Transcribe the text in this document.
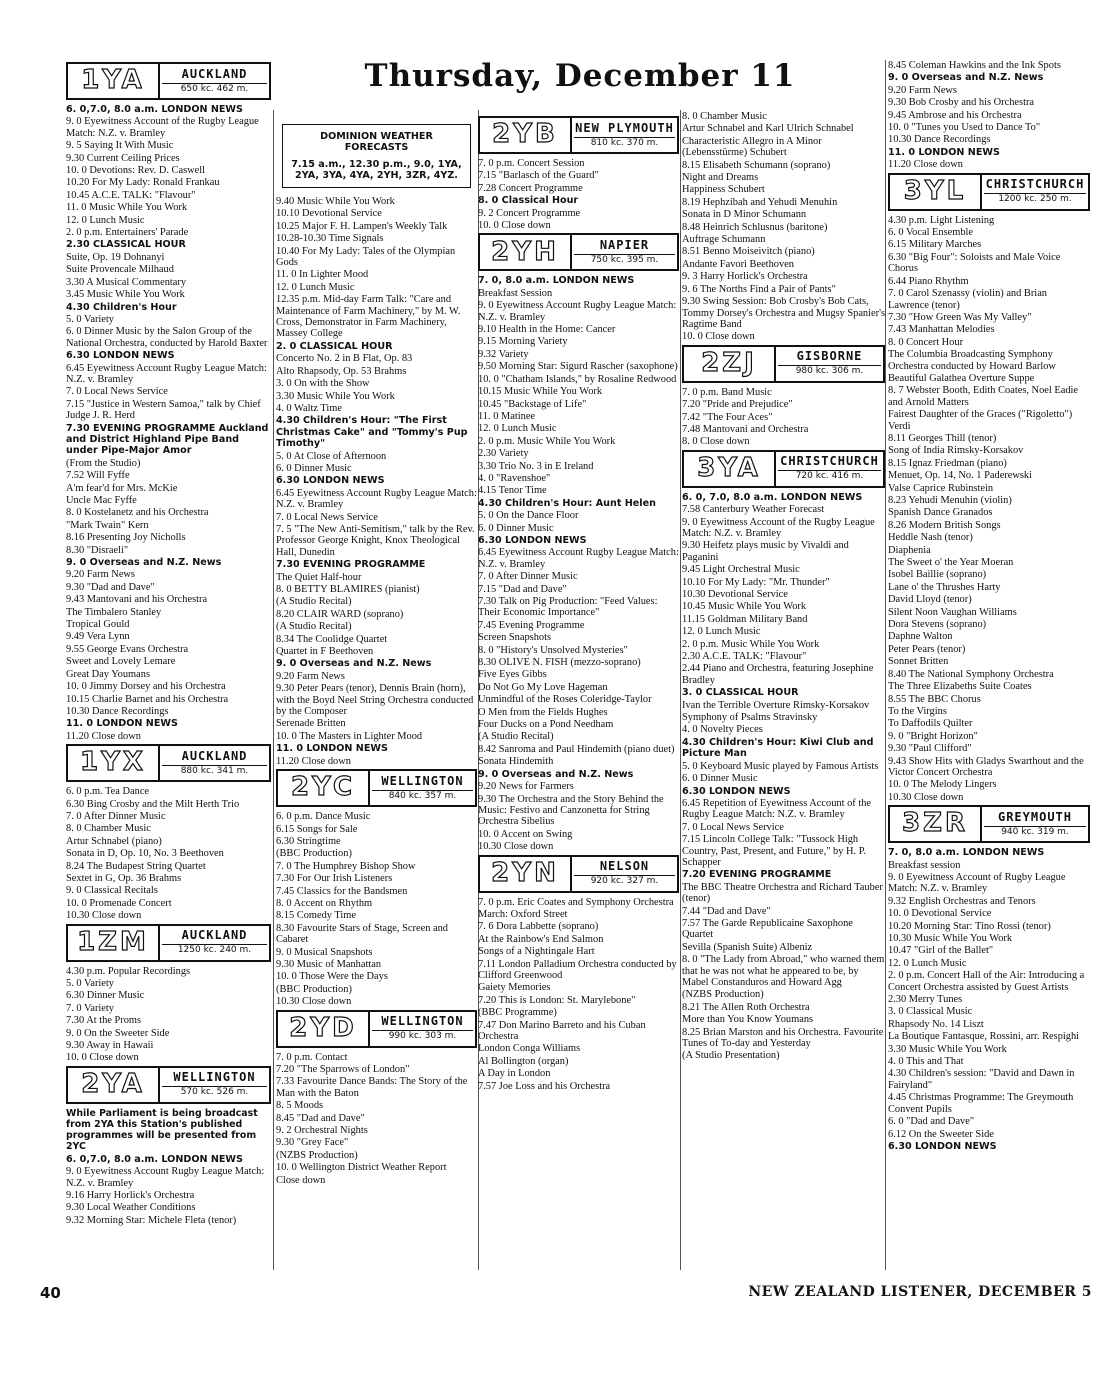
Thursday, December 11
1YA	AUCKLAND
650 kc. 462 m.
6. 0,7.0, 8.0 a.m. LONDON NEWS
9. 0 Eyewitness Account of the Rugby League Match: N.Z. v. Bramley
9. 5 Saying It With Music
9.30 Current Ceiling Prices
10. 0 Devotions: Rev. D. Caswell
10.20 For My Lady: Ronald Frankau
10.45 A.C.E. TALK: "Flavour"
11. 0 Music While You Work
12. 0 Lunch Music
2. 0 p.m. Entertainers' Parade
2.30 CLASSICAL HOUR
Suite, Op. 19 Dohnanyi
Suite Provencale Milhaud
3.30 A Musical Commentary
3.45 Music While You Work
4.30 Children's Hour
5. 0 Variety
6. 0 Dinner Music by the Salon Group of the National Orchestra, conducted by Harold Baxter
6.30 LONDON NEWS
6.45 Eyewitness Account Rugby League Match: N.Z. v. Bramley
7. 0 Local News Service
7.15 "Justice in Western Samoa," talk by Chief Judge J. R. Herd
7.30 EVENING PROGRAMME Auckland and District Highland Pipe Band under Pipe-Major Amor
(From the Studio)
7.52 Will Fyffe
A'm fear'd for Mrs. McKie
Uncle Mac Fyffe
8. 0 Kostelanetz and his Orchestra
"Mark Twain" Kern
8.16 Presenting Joy Nicholls
8.30 "Disraeli"
9. 0 Overseas and N.Z. News
9.20 Farm News
9.30 "Dad and Dave"
9.43 Mantovani and his Orchestra
The Timbalero Stanley
Tropical Gould
9.49 Vera Lynn
9.55 George Evans Orchestra
Sweet and Lovely Lemare
Great Day Youmans
10. 0 Jimmy Dorsey and his Orchestra
10.15 Charlie Barnet and his Orchestra
10.30 Dance Recordings
11. 0 LONDON NEWS
11.20 Close down
1YX	AUCKLAND
880 kc. 341 m.
6. 0 p.m. Tea Dance
6.30 Bing Crosby and the Milt Herth Trio
7. 0 After Dinner Music
8. 0 Chamber Music
Artur Schnabel (piano)
Sonata in D, Op. 10, No. 3 Beethoven
8.24 The Budapest String Quartet
Sextet in G, Op. 36 Brahms
9. 0 Classical Recitals
10. 0 Promenade Concert
10.30 Close down
1ZM	AUCKLAND
1250 kc. 240 m.
4.30 p.m. Popular Recordings
5. 0 Variety
6.30 Dinner Music
7. 0 Variety
7.30 At the Proms
9. 0 On the Sweeter Side
9.30 Away in Hawaii
10. 0 Close down
2YA	WELLINGTON
570 kc. 526 m.
While Parliament is being broadcast from 2YA this Station's published programmes will be presented from 2YC
6. 0,7.0, 8.0 a.m. LONDON NEWS
9. 0 Eyewitness Account Rugby League Match: N.Z. v. Bramley
9.16 Harry Horlick's Orchestra
9.30 Local Weather Conditions
9.32 Morning Star: Michele Fleta (tenor)
DOMINION WEATHER FORECASTS
7.15 a.m., 12.30 p.m., 9.0, 1YA, 2YA, 3YA, 4YA, 2YH, 3ZR, 4YZ.
9.40 Music While You Work
10.10 Devotional Service
10.25 Major F. H. Lampen's Weekly Talk
10.28-10.30 Time Signals
10.40 For My Lady: Tales of the Olympian Gods
11. 0 In Lighter Mood
12. 0 Lunch Music
12.35 p.m. Mid-day Farm Talk: "Care and Maintenance of Farm Machinery," by M. W. Cross, Demonstrator in Farm Machinery, Massey College
2. 0 CLASSICAL HOUR
Concerto No. 2 in B Flat, Op. 83
Alto Rhapsody, Op. 53 Brahms
3. 0 On with the Show
3.30 Music While You Work
4. 0 Waltz Time
4.30 Children's Hour: "The First Christmas Cake" and "Tommy's Pup Timothy"
5. 0 At Close of Afternoon
6. 0 Dinner Music
6.30 LONDON NEWS
6.45 Eyewitness Account Rugby League Match: N.Z. v. Bramley
7. 0 Local News Service
7. 5 "The New Anti-Semitism," talk by the Rev. Professor George Knight, Knox Theological Hall, Dunedin
7.30 EVENING PROGRAMME
The Quiet Half-hour
8. 0 BETTY BLAMIRES (pianist)
(A Studio Recital)
8.20 CLAIR WARD (soprano)
(A Studio Recital)
8.34 The Coolidge Quartet
Quartet in F Beethoven
9. 0 Overseas and N.Z. News
9.20 Farm News
9.30 Peter Pears (tenor), Dennis Brain (horn), with the Boyd Neel String Orchestra conducted by the Composer
Serenade Britten
10. 0 The Masters in Lighter Mood
11. 0 LONDON NEWS
11.20 Close down
2YC	WELLINGTON
840 kc. 357 m.
6. 0 p.m. Dance Music
6.15 Songs for Sale
6.30 Stringtime
(BBC Production)
7. 0 The Humphrey Bishop Show
7.30 For Our Irish Listeners
7.45 Classics for the Bandsmen
8. 0 Accent on Rhythm
8.15 Comedy Time
8.30 Favourite Stars of Stage, Screen and Cabaret
9. 0 Musical Snapshots
9.30 Music of Manhattan
10. 0 Those Were the Days
(BBC Production)
10.30 Close down
2YD	WELLINGTON
990 kc. 303 m.
7. 0 p.m. Contact
7.20 "The Sparrows of London"
7.33 Favourite Dance Bands: The Story of the Man with the Baton
8. 5 Moods
8.45 "Dad and Dave"
9. 2 Orchestral Nights
9.30 "Grey Face"
(NZBS Production)
10. 0 Wellington District Weather Report
Close down
2YB	NEW PLYMOUTH
810 kc. 370 m.
7. 0 p.m. Concert Session
7.15 "Barlasch of the Guard"
7.28 Concert Programme
8. 0 Classical Hour
9. 2 Concert Programme
10. 0 Close down
2YH	NAPIER
750 kc. 395 m.
7. 0, 8.0 a.m. LONDON NEWS
Breakfast Session
9. 0 Eyewitness Account Rugby League Match: N.Z. v. Bramley
9.10 Health in the Home: Cancer
9.15 Morning Variety
9.32 Variety
9.50 Morning Star: Sigurd Rascher (saxophone)
10. 0 "Chatham Islands," by Rosaline Redwood
10.15 Music While You Work
10.45 "Backstage of Life"
11. 0 Matinee
12. 0 Lunch Music
2. 0 p.m. Music While You Work
2.30 Variety
3.30 Trio No. 3 in E Ireland
4. 0 "Ravenshoe"
4.15 Tenor Time
4.30 Children's Hour: Aunt Helen
5. 0 On the Dance Floor
6. 0 Dinner Music
6.30 LONDON NEWS
6.45 Eyewitness Account Rugby League Match: N.Z. v. Bramley
7. 0 After Dinner Music
7.15 "Dad and Dave"
7.30 Talk on Pig Production: "Feed Values: Their Economic Importance"
7.45 Evening Programme
Screen Snapshots
8. 0 "History's Unsolved Mysteries"
8.30 OLIVE N. FISH (mezzo-soprano)
Five Eyes Gibbs
Do Not Go My Love Hageman
Unmindful of the Roses Coleridge-Taylor
O Men from the Fields Hughes
Four Ducks on a Pond Needham
(A Studio Recital)
8.42 Sanroma and Paul Hindemith (piano duet)
Sonata Hindemith
9. 0 Overseas and N.Z. News
9.20 News for Farmers
9.30 The Orchestra and the Story Behind the Music: Festivo and Canzonetta for String Orchestra Sibelius
10. 0 Accent on Swing
10.30 Close down
2YN	NELSON
920 kc. 327 m.
7. 0 p.m. Eric Coates and Symphony Orchestra
March: Oxford Street
7. 6 Dora Labbette (soprano)
At the Rainbow's End Salmon
Songs of a Nightingale Hart
7.11 London Palladium Orchestra conducted by Clifford Greenwood
Gaiety Memories
7.20 This is London: St. Marylebone"
(BBC Programme)
7.47 Don Marino Barreto and his Cuban Orchestra
London Conga Williams
Al Bollington (organ)
A Day in London
7.57 Joe Loss and his Orchestra
8. 0 Chamber Music
Artur Schnabel and Karl Ulrich Schnabel
Characteristic Allegro in A Minor (Lebensstürme) Schubert
8.15 Elisabeth Schumann (soprano)
Night and Dreams
Happiness Schubert
8.19 Hephzibah and Yehudi Menuhin
Sonata in D Minor Schumann
8.48 Heinrich Schlusnus (baritone)
Auftrage Schumann
8.51 Benno Moiseivitch (piano)
Andante Favori Beethoven
9. 3 Harry Horlick's Orchestra
9. 6 The Norths Find a Pair of Pants"
9.30 Swing Session: Bob Crosby's Bob Cats, Tommy Dorsey's Orchestra and Mugsy Spanier's Ragtime Band
10. 0 Close down
2ZJ	GISBORNE
980 kc. 306 m.
7. 0 p.m. Band Music
7.20 "Pride and Prejudice"
7.42 "The Four Aces"
7.48 Mantovani and Orchestra
8. 0 Close down
3YA	CHRISTCHURCH
720 kc. 416 m.
6. 0, 7.0, 8.0 a.m. LONDON NEWS
7.58 Canterbury Weather Forecast
9. 0 Eyewitness Account of the Rugby League Match: N.Z. v. Bramley
9.30 Heifetz plays music by Vivaldi and Paganini
9.45 Light Orchestral Music
10.10 For My Lady: "Mr. Thunder"
10.30 Devotional Service
10.45 Music While You Work
11.15 Goldman Military Band
12. 0 Lunch Music
2. 0 p.m. Music While You Work
2.30 A.C.E. TALK: "Flavour"
2.44 Piano and Orchestra, featuring Josephine Bradley
3. 0 CLASSICAL HOUR
Ivan the Terrible Overture Rimsky-Korsakov
Symphony of Psalms Stravinsky
4. 0 Novelty Pieces
4.30 Children's Hour: Kiwi Club and Picture Man
5. 0 Keyboard Music played by Famous Artists
6. 0 Dinner Music
6.30 LONDON NEWS
6.45 Repetition of Eyewitness Account of the Rugby League Match: N.Z. v. Bramley
7. 0 Local News Service
7.15 Lincoln College Talk: "Tussock High Country, Past, Present, and Future," by H. P. Schapper
7.20 EVENING PROGRAMME
The BBC Theatre Orchestra and Richard Tauber (tenor)
7.44 "Dad and Dave"
7.57 The Garde Republicaine Saxophone Quartet
Sevilla (Spanish Suite) Albeniz
8. 0 "The Lady from Abroad," who warned them that he was not what he appeared to be, by Mabel Constanduros and Howard Agg
(NZBS Production)
8.21 The Allen Roth Orchestra
More than You Know Youmans
8.25 Brian Marston and his Orchestra. Favourite Tunes of To-day and Yesterday
(A Studio Presentation)
8.45 Coleman Hawkins and the Ink Spots
9. 0 Overseas and N.Z. News
9.20 Farm News
9.30 Bob Crosby and his Orchestra
9.45 Ambrose and his Orchestra
10. 0 "Tunes you Used to Dance To"
10.30 Dance Recordings
11. 0 LONDON NEWS
11.20 Close down
3YL	CHRISTCHURCH
1200 kc. 250 m.
4.30 p.m. Light Listening
6. 0 Vocal Ensemble
6.15 Military Marches
6.30 "Big Four": Soloists and Male Voice Chorus
6.44 Piano Rhythm
7. 0 Carol Szenassy (violin) and Brian Lawrence (tenor)
7.30 "How Green Was My Valley"
7.43 Manhattan Melodies
8. 0 Concert Hour
The Columbia Broadcasting Symphony Orchestra conducted by Howard Barlow
Beautiful Galathea Overture Suppe
8. 7 Webster Booth, Edith Coates, Noel Eadie and Arnold Matters
Fairest Daughter of the Graces ("Rigoletto") Verdi
8.11 Georges Thill (tenor)
Song of India Rimsky-Korsakov
8.15 Ignaz Friedman (piano)
Menuet, Op. 14, No. 1 Paderewski
Valse Caprice Rubinstein
8.23 Yehudi Menuhin (violin)
Spanish Dance Granados
8.26 Modern British Songs
Heddle Nash (tenor)
Diaphenia
The Sweet o' the Year Moeran
Isobel Baillie (soprano)
Lane o' the Thrushes Harty
David Lloyd (tenor)
Silent Noon Vaughan Williams
Dora Stevens (soprano)
Daphne Walton
Peter Pears (tenor)
Sonnet Britten
8.40 The National Symphony Orchestra
The Three Elizabeths Suite Coates
8.55 The BBC Chorus
To the Virgins
To Daffodils Quilter
9. 0 "Bright Horizon"
9.30 "Paul Clifford"
9.43 Show Hits with Gladys Swarthout and the Victor Concert Orchestra
10. 0 The Melody Lingers
10.30 Close down
3ZR	GREYMOUTH
940 kc. 319 m.
7. 0, 8.0 a.m. LONDON NEWS
Breakfast session
9. 0 Eyewitness Account of Rugby League Match: N.Z. v. Bramley
9.32 English Orchestras and Tenors
10. 0 Devotional Service
10.20 Morning Star: Tino Rossi (tenor)
10.30 Music While You Work
10.47 "Girl of the Ballet"
12. 0 Lunch Music
2. 0 p.m. Concert Hall of the Air: Introducing a Concert Orchestra assisted by Guest Artists
2.30 Merry Tunes
3. 0 Classical Music
Rhapsody No. 14 Liszt
La Boutique Fantasque, Rossini, arr. Respighi
3.30 Music While You Work
4. 0 This and That
4.30 Children's session: "David and Dawn in Fairyland"
4.45 Christmas Programme: The Greymouth Convent Pupils
6. 0 "Dad and Dave"
6.12 On the Sweeter Side
6.30 LONDON NEWS
40	NEW ZEALAND LISTENER, DECEMBER 5
